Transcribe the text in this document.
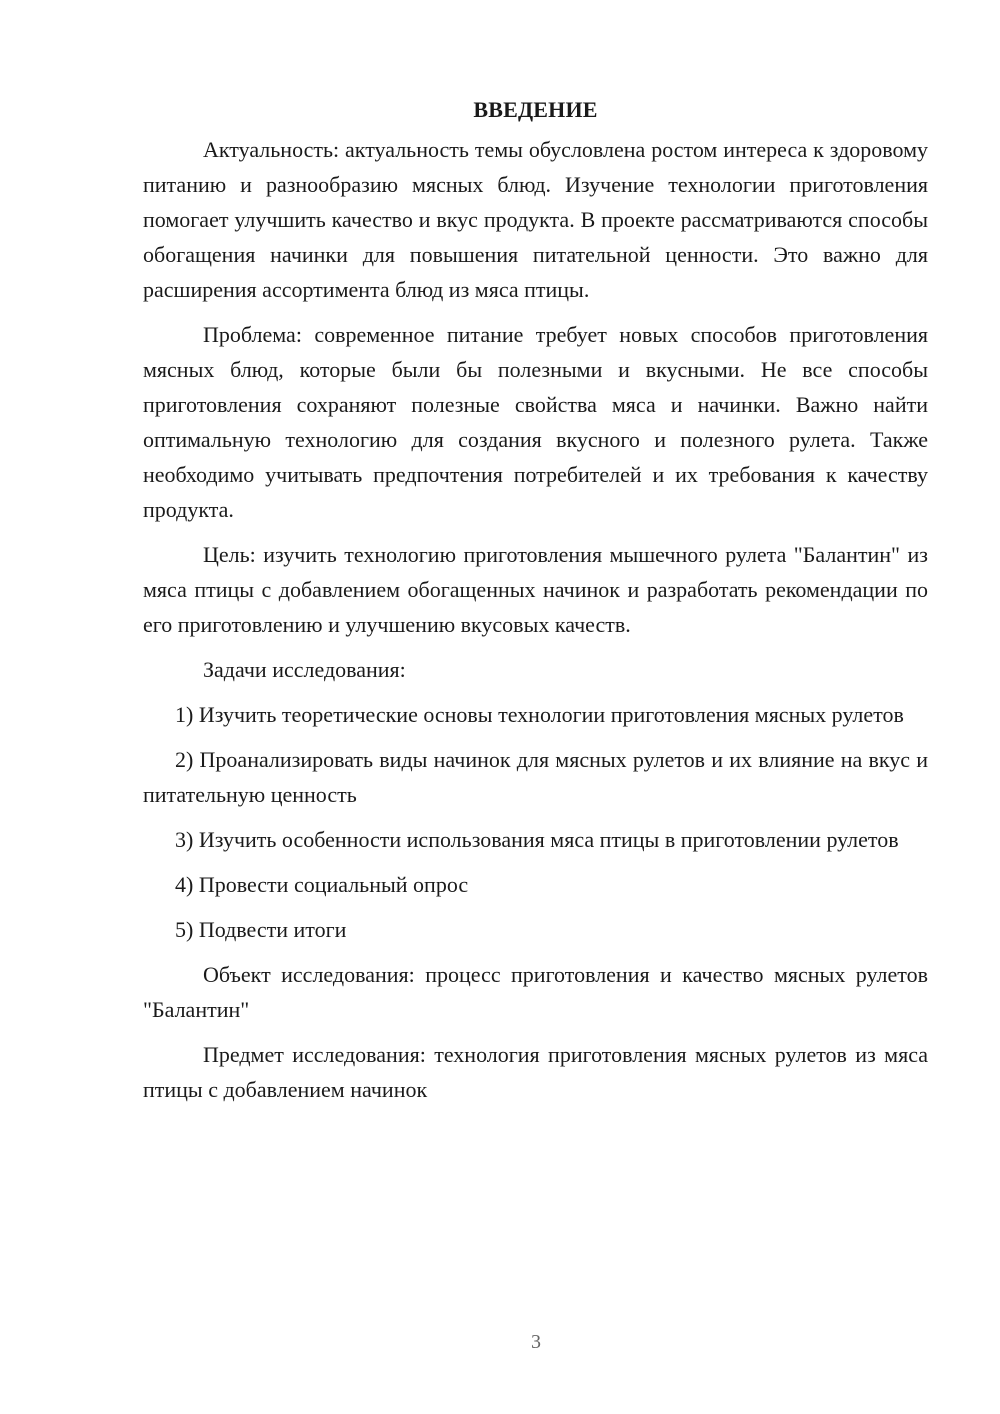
ВВЕДЕНИЕ

Актуальность: актуальность темы обусловлена ростом интереса к здоровому питанию и разнообразию мясных блюд. Изучение технологии приготовления помогает улучшить качество и вкус продукта. В проекте рассматриваются способы обогащения начинки для повышения питательной ценности. Это важно для расширения ассортимента блюд из мяса птицы.

Проблема: современное питание требует новых способов приготовления мясных блюд, которые были бы полезными и вкусными. Не все способы приготовления сохраняют полезные свойства мяса и начинки. Важно найти оптимальную технологию для создания вкусного и полезного рулета. Также необходимо учитывать предпочтения потребителей и их требования к качеству продукта.

Цель: изучить технологию приготовления мышечного рулета "Балантин" из мяса птицы с добавлением обогащенных начинок и разработать рекомендации по его приготовлению и улучшению вкусовых качеств.

Задачи исследования:

1) Изучить теоретические основы технологии приготовления мясных рулетов

2) Проанализировать виды начинок для мясных рулетов и их влияние на вкус и питательную ценность

3) Изучить особенности использования мяса птицы в приготовлении рулетов

4) Провести социальный опрос

5) Подвести итоги

Объект исследования: процесс приготовления и качество мясных рулетов "Балантин"

Предмет исследования: технология приготовления мясных рулетов из мяса птицы с добавлением начинок

3
